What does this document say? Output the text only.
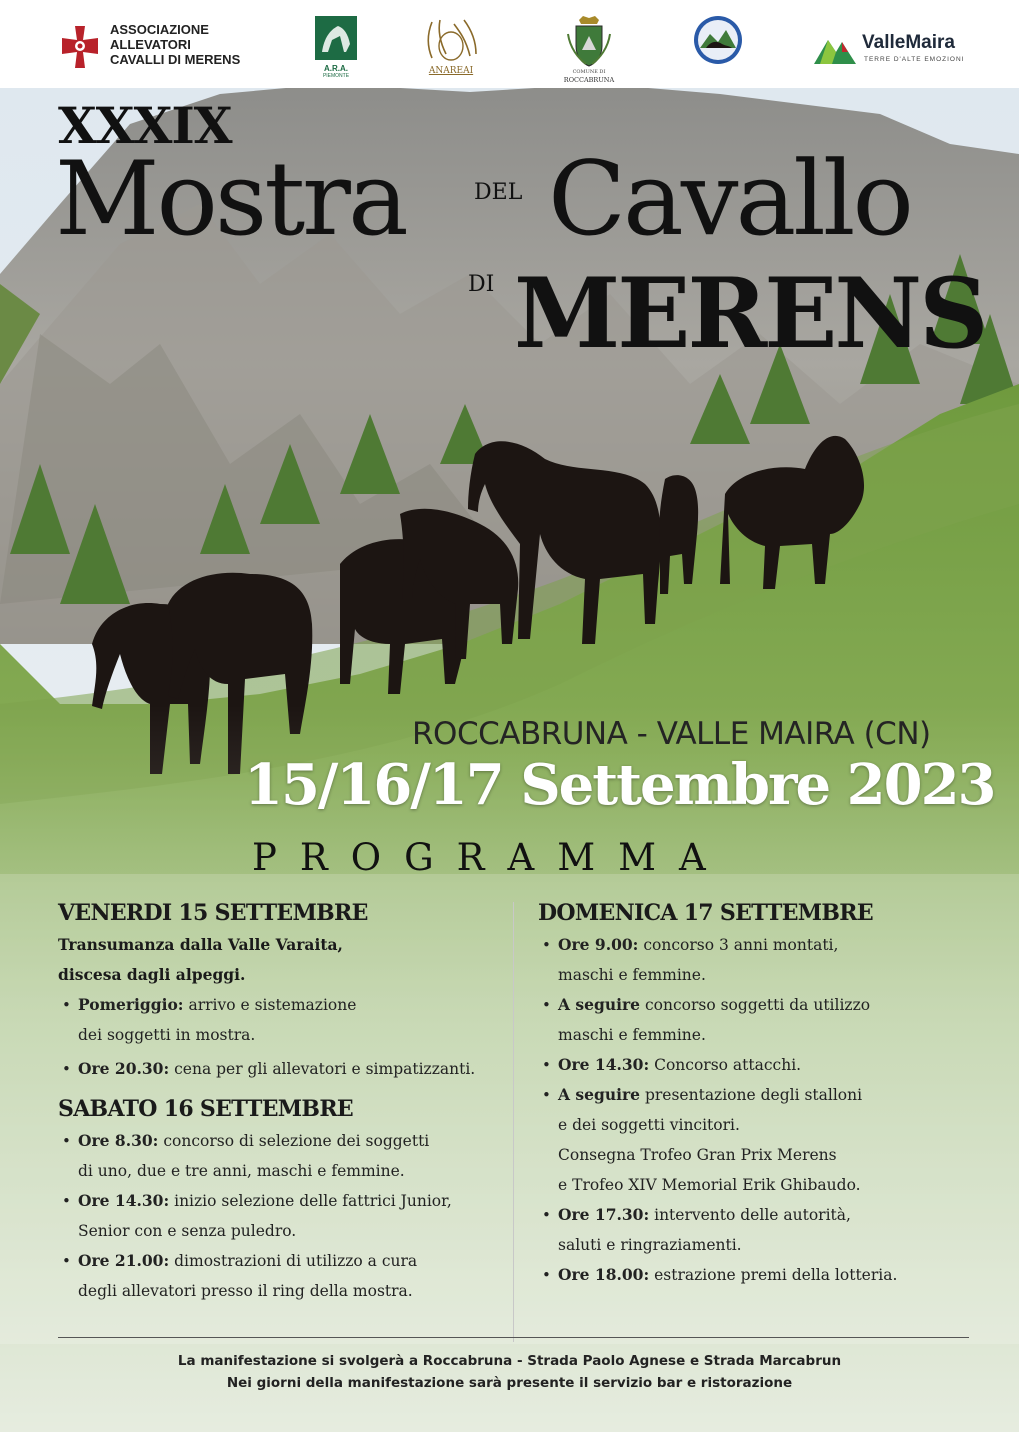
ASSOCIAZIONE
ALLEVATORI
CAVALLI DI MERENS
A.R.A.
PIEMONTE	ANAREAI	COMUNE DI
ROCCABRUNA
ValleMaira
TERRE D'ALTE EMOZIONI
XXXIX
Mostra	DEL Cavallo
DI MERENS
ROCCABRUNA - VALLE MAIRA (CN)
15/16/17 Settembre 2023
PROGRAMMA
VENERDI 15 SETTEMBRE
Transumanza dalla Valle Varaita,
discesa dagli alpeggi.
• Pomeriggio: arrivo e sistemazione
dei soggetti in mostra.
• Ore 20.30: cena per gli allevatori e simpatizzanti.
SABATO 16 SETTEMBRE
• Ore 8.30: concorso di selezione dei soggetti
di uno, due e tre anni, maschi e femmine.
• Ore 14.30: inizio selezione delle fattrici Junior,
Senior con e senza puledro.
• Ore 21.00: dimostrazioni di utilizzo a cura
degli allevatori presso il ring della mostra.
DOMENICA 17 SETTEMBRE
• Ore 9.00: concorso 3 anni montati,
maschi e femmine.
• A seguire concorso soggetti da utilizzo
maschi e femmine.
• Ore 14.30: Concorso attacchi.
• A seguire presentazione degli stalloni
e dei soggetti vincitori.
Consegna Trofeo Gran Prix Merens
e Trofeo XIV Memorial Erik Ghibaudo.
• Ore 17.30: intervento delle autorità,
saluti e ringraziamenti.
• Ore 18.00: estrazione premi della lotteria.
La manifestazione si svolgerà a Roccabruna - Strada Paolo Agnese e Strada Marcabrun
Nei giorni della manifestazione sarà presente il servizio bar e ristorazione
